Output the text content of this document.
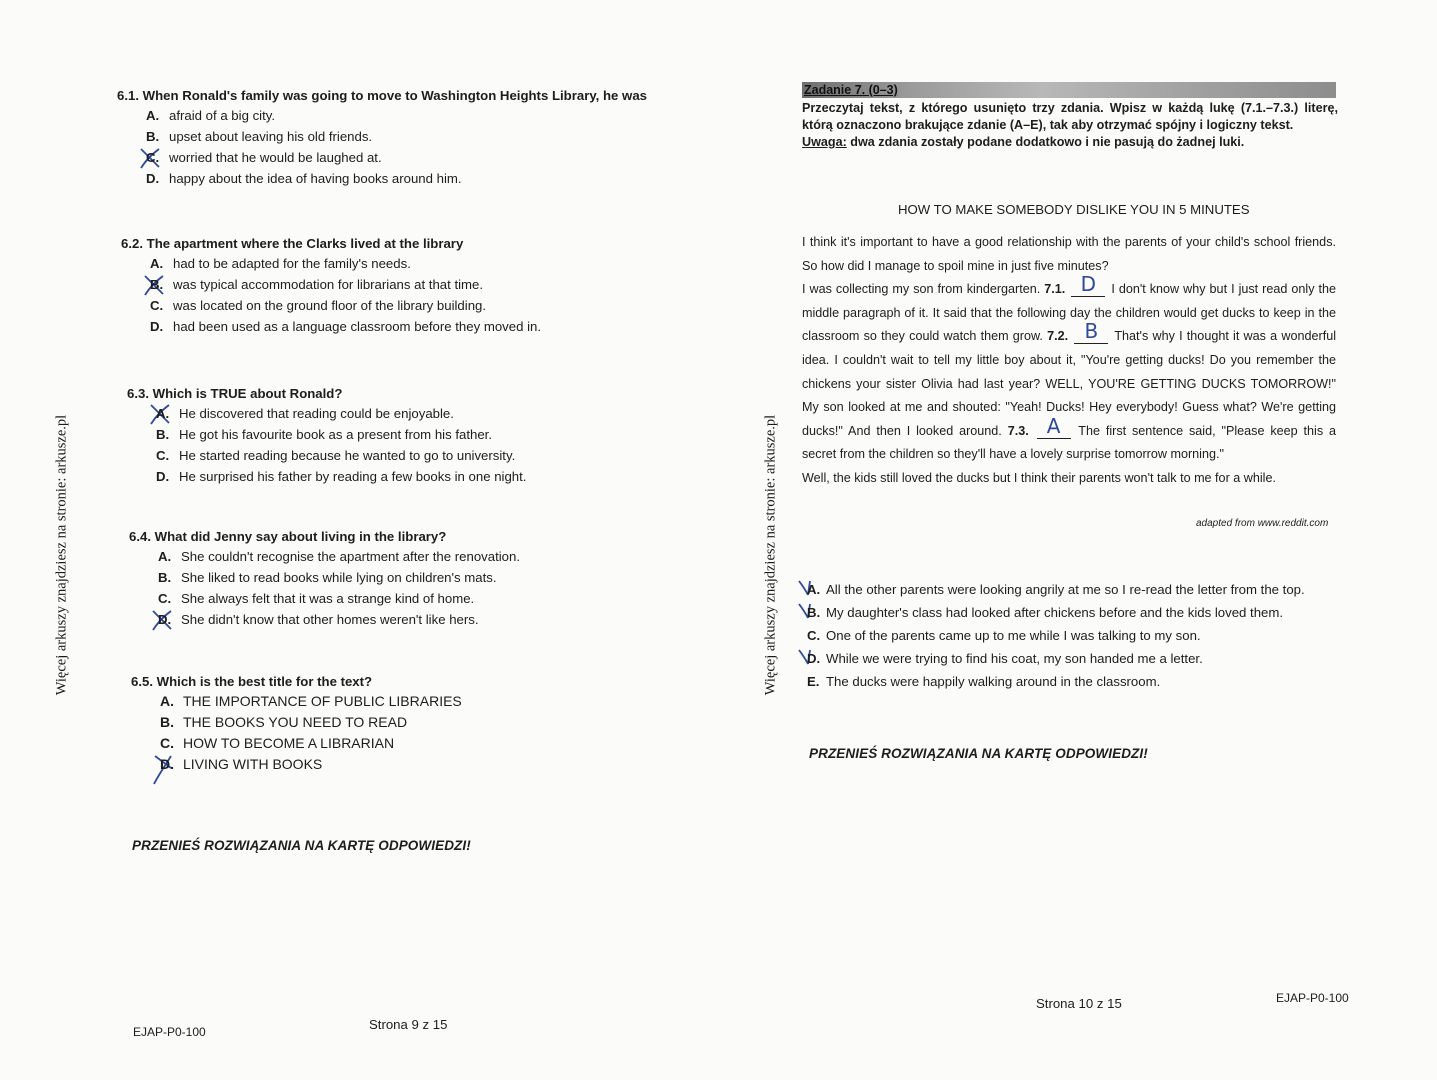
Więcej arkuszy znajdziesz na stronie: arkusze.pl
6.1. When Ronald's family was going to move to Washington Heights Library, he was
A. afraid of a big city.
B. upset about leaving his old friends.
C. worried that he would be laughed at.
D. happy about the idea of having books around him.
6.2. The apartment where the Clarks lived at the library
A. had to be adapted for the family's needs.
B. was typical accommodation for librarians at that time.
C. was located on the ground floor of the library building.
D. had been used as a language classroom before they moved in.
6.3. Which is TRUE about Ronald?
A. He discovered that reading could be enjoyable.
B. He got his favourite book as a present from his father.
C. He started reading because he wanted to go to university.
D. He surprised his father by reading a few books in one night.
6.4. What did Jenny say about living in the library?
A. She couldn't recognise the apartment after the renovation.
B. She liked to read books while lying on children's mats.
C. She always felt that it was a strange kind of home.
D. She didn't know that other homes weren't like hers.
6.5. Which is the best title for the text?
A. THE IMPORTANCE OF PUBLIC LIBRARIES
B. THE BOOKS YOU NEED TO READ
C. HOW TO BECOME A LIBRARIAN
D. LIVING WITH BOOKS
PRZENIEŚ ROZWIĄZANIA NA KARTĘ ODPOWIEDZI!
EJAP-P0-100	Strona 9 z 15
Więcej arkuszy znajdziesz na stronie: arkusze.pl
Zadanie 7. (0–3)
Przeczytaj tekst, z którego usunięto trzy zdania. Wpisz w każdą lukę (7.1.–7.3.) literę, którą oznaczono brakujące zdanie (A–E), tak aby otrzymać spójny i logiczny tekst.
Uwaga: dwa zdania zostały podane dodatkowo i nie pasują do żadnej luki.
HOW TO MAKE SOMEBODY DISLIKE YOU IN 5 MINUTES

I think it's important to have a good relationship with the parents of your child's school friends. So how did I manage to spoil mine in just five minutes?

I was collecting my son from kindergarten. 7.1. D I don't know why but I just read only the middle paragraph of it. It said that the following day the children would get ducks to keep in the classroom so they could watch them grow. 7.2. B That's why I thought it was a wonderful idea. I couldn't wait to tell my little boy about it, "You're getting ducks! Do you remember the chickens your sister Olivia had last year? WELL, YOU'RE GETTING DUCKS TOMORROW!" My son looked at me and shouted: "Yeah! Ducks! Hey everybody! Guess what? We're getting ducks!" And then I looked around. 7.3. A The first sentence said, "Please keep this a secret from the children so they'll have a lovely surprise tomorrow morning."

Well, the kids still loved the ducks but I think their parents won't talk to me for a while.

adapted from www.reddit.com
A. All the other parents were looking angrily at me so I re-read the letter from the top.
B. My daughter's class had looked after chickens before and the kids loved them.
C. One of the parents came up to me while I was talking to my son.
D. While we were trying to find his coat, my son handed me a letter.
E. The ducks were happily walking around in the classroom.
PRZENIEŚ ROZWIĄZANIA NA KARTĘ ODPOWIEDZI!
Strona 10 z 15	EJAP-P0-100
